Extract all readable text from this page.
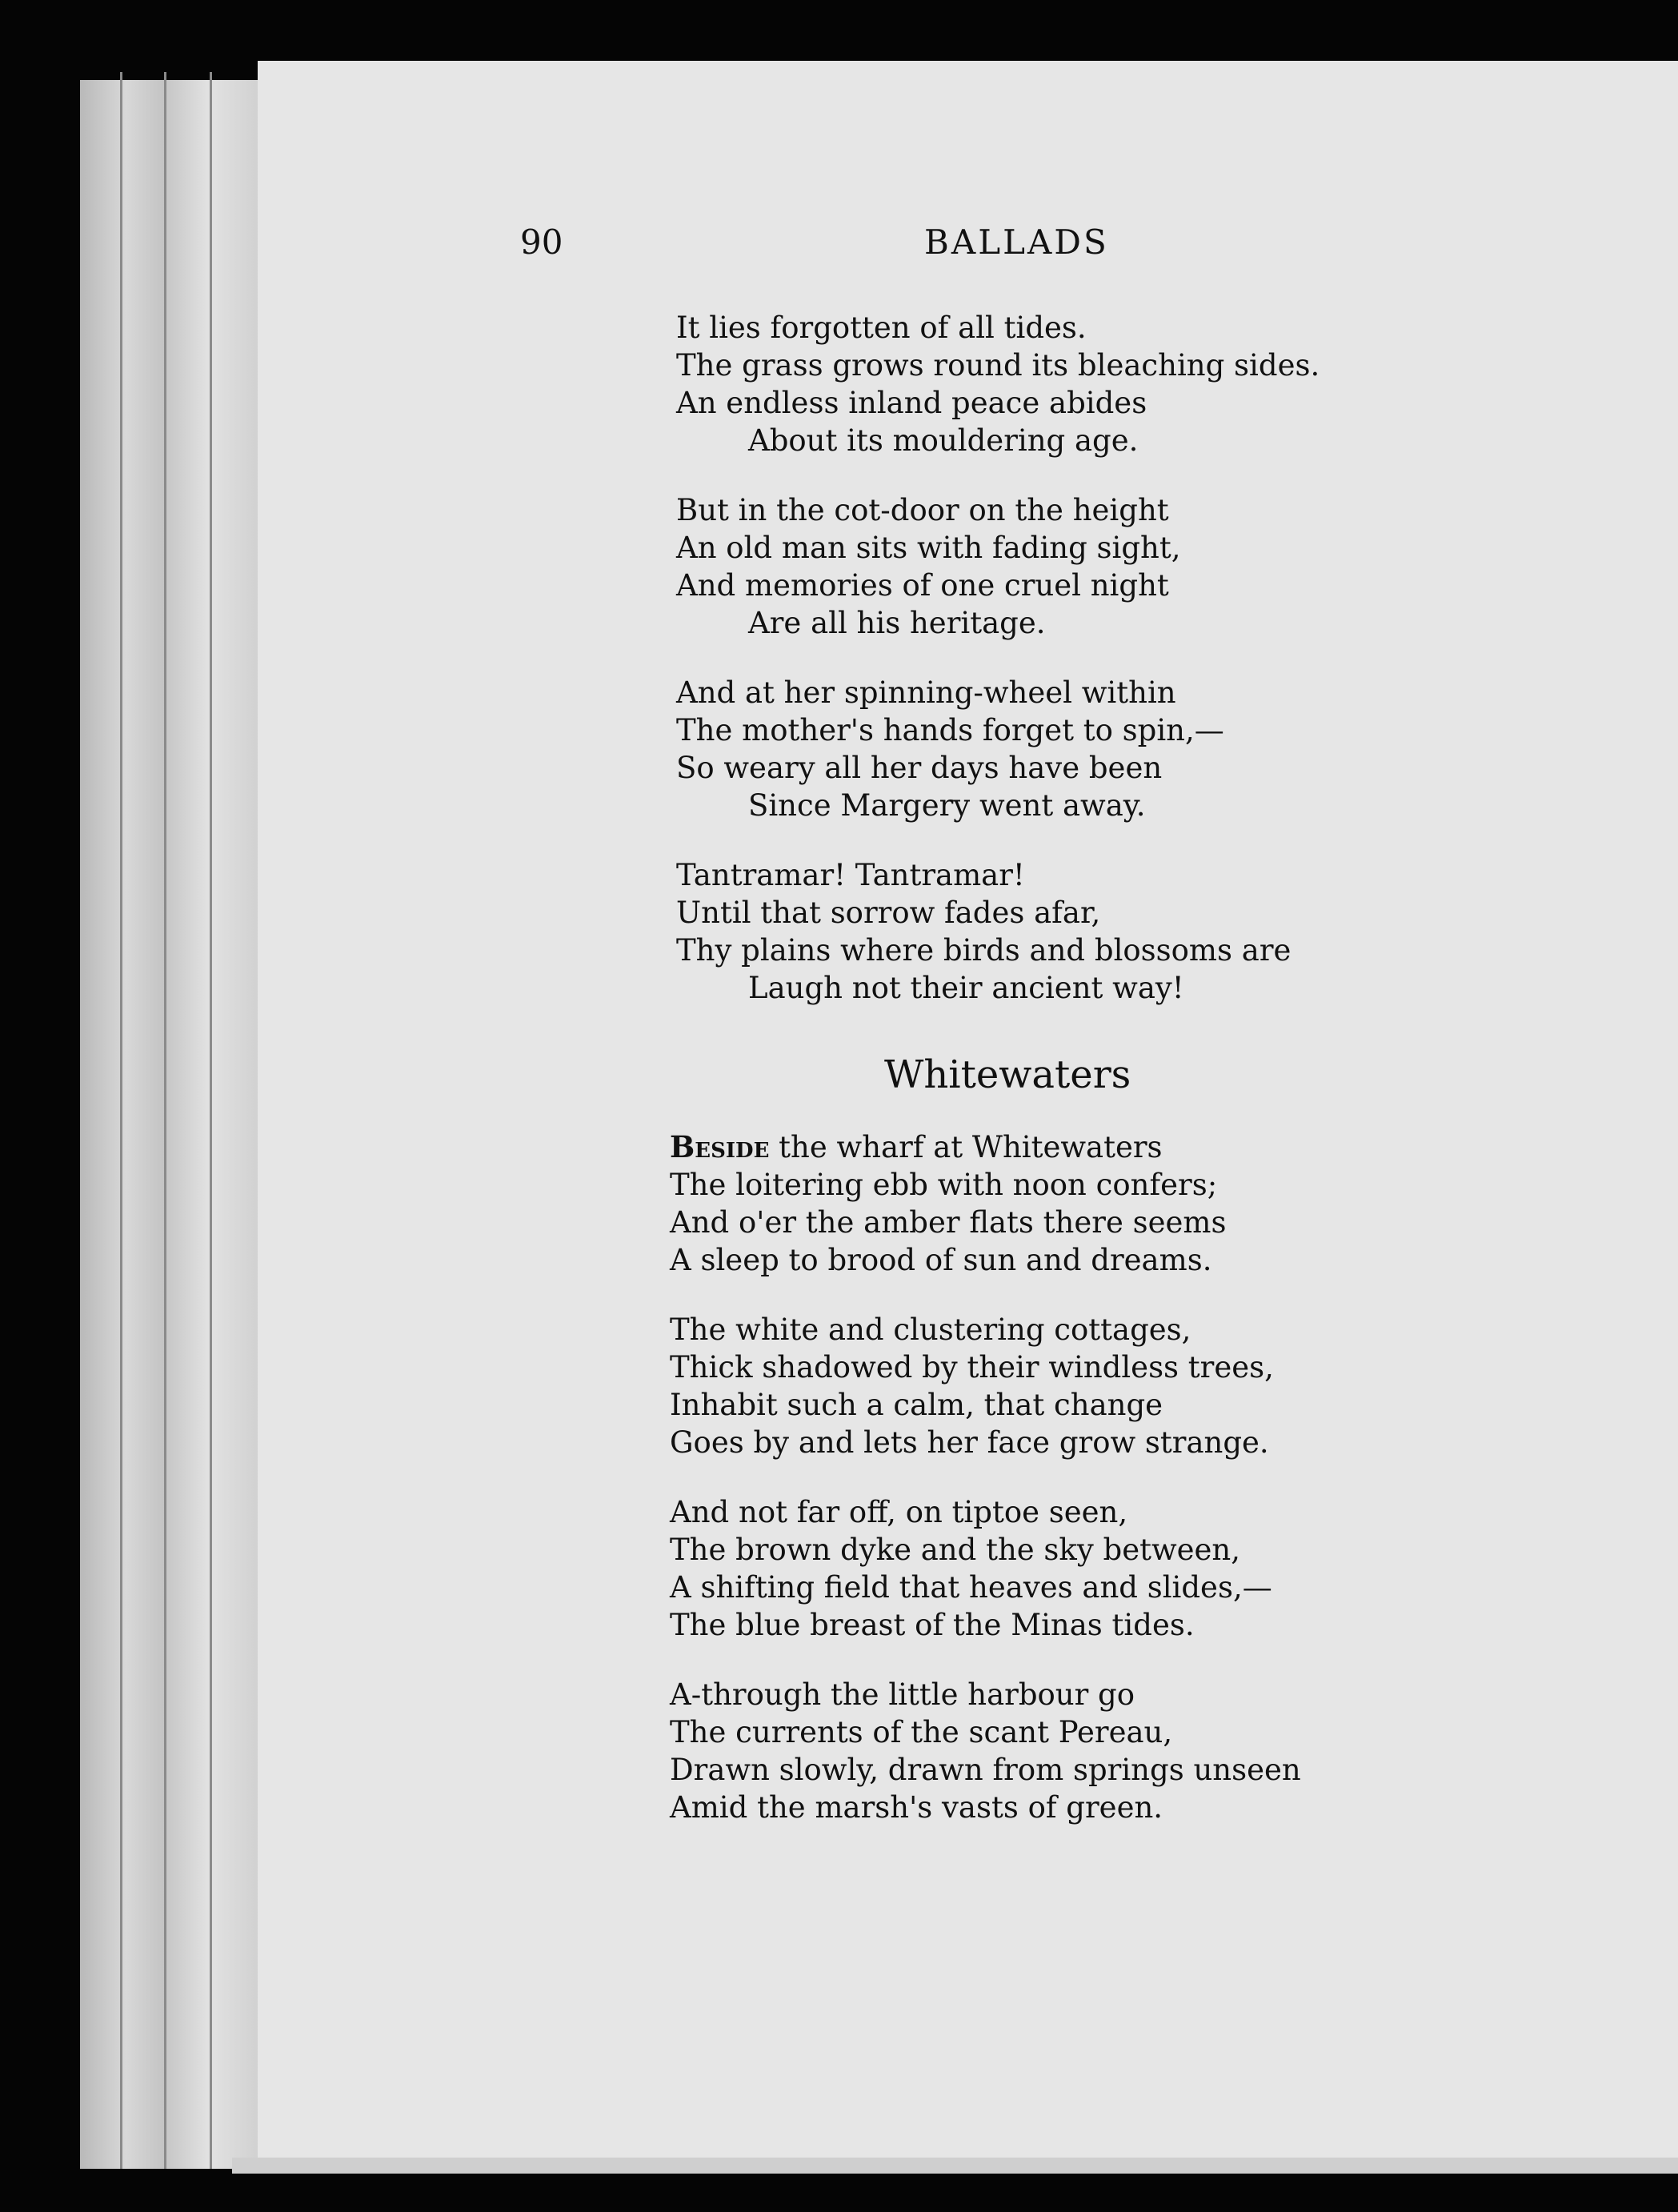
90	BALLADS
It lies forgotten of all tides.
The grass grows round its bleaching sides.
An endless inland peace abides
About its mouldering age.
But in the cot-door on the height
An old man sits with fading sight,
And memories of one cruel night
Are all his heritage.
And at her spinning-wheel within
The mother's hands forget to spin,—
So weary all her days have been
Since Margery went away.
Tantramar! Tantramar!
Until that sorrow fades afar,
Thy plains where birds and blossoms are
Laugh not their ancient way!
Whitewaters
Beside the wharf at Whitewaters
The loitering ebb with noon confers;
And o'er the amber flats there seems
A sleep to brood of sun and dreams.
The white and clustering cottages,
Thick shadowed by their windless trees,
Inhabit such a calm, that change
Goes by and lets her face grow strange.
And not far off, on tiptoe seen,
The brown dyke and the sky between,
A shifting field that heaves and slides,—
The blue breast of the Minas tides.
A-through the little harbour go
The currents of the scant Pereau,
Drawn slowly, drawn from springs unseen
Amid the marsh's vasts of green.
